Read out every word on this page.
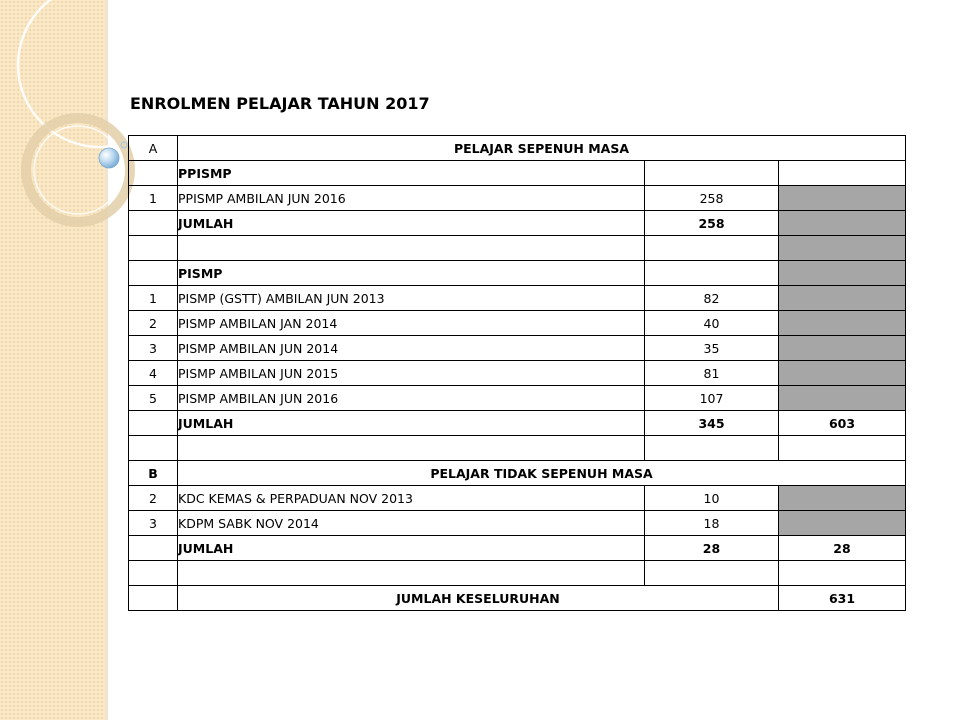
ENROLMEN PELAJAR TAHUN 2017
A	PELAJAR SEPENUH MASA		
	PPISMP		
1	PPISMP AMBILAN JUN 2016	258	
	JUMLAH	258	

	PISMP		
1	PISMP (GSTT) AMBILAN JUN 2013	82	
2	PISMP AMBILAN JAN 2014	40	
3	PISMP AMBILAN JUN 2014	35	
4	PISMP AMBILAN JUN 2015	81	
5	PISMP AMBILAN JUN 2016	107	
	JUMLAH	345	603

B	PELAJAR TIDAK SEPENUH MASA		
2	KDC KEMAS & PERPADUAN NOV 2013	10	
3	KDPM SABK NOV 2014	18	
	JUMLAH	28	28

	JUMLAH KESELURUHAN		631
